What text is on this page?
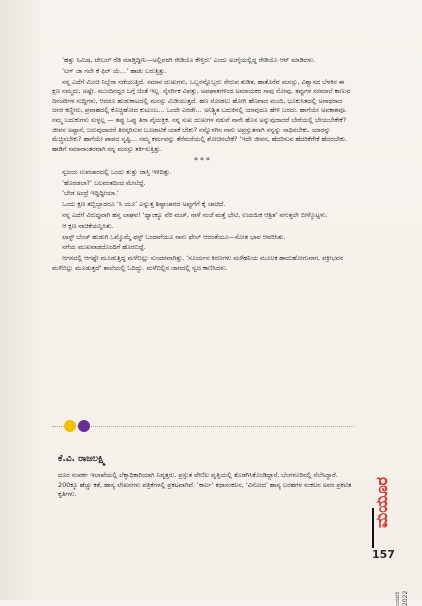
‘ಹತ್ತು ನಿಮಿಷ, ಟೇಬಲ್ ರೆಡಿ ಮಾಡ್ತಿದ್ದೀನಿ—ಅಲ್ಲಿವರಗಿ ರೇಡಿಯೊ ಕೇಳ್ತಿರು’ ಎಂದು ಅಂಗೈಯಲ್ಲಿದ್ದ ರೇಡಿಯೊ ಆನ್ ಮಾಡಿದಳು.

‘ಲಗ್ ಜಾ ಗಲೇ ಕೆ ಫಿರ್ ಯೆ…’ ಹಾಡು ಬರುತ್ತಿತ್ತು.

ನನ್ನ ಎದೆಗೆ ಮಿಂಚಿ ನಿಬ್ಬೆರಾ ನಡೆಯುತ್ತಿದೆ. ಸಮಾನ ದುಃಖಗಳು, ಒಬ್ಬರನ್ನೊಬ್ಬರು ಸೇರುವ ತುಡಿತ, ಹಾತೊರೆವ ಮನಸ್ಸು, ವಿಶ್ವಾಸದ ಬೆಳಕಿನ ಈ ಕ್ಷಣ ನಮ್ಮದು, ಅಷ್ಟೇ. ಮುಂದಿನದ್ದರ ಬಗ್ಗೆ ಚಿಂತೆ ಇಲ್ಲ. ನೈಸರ್ಗಿಕ ವಿಪತ್ತು, ಅಪಘಾತಗಳಿಂದ ಅಮಾಯಕರ ಸಾವು ನೋವು, ತಪ್ಪುಗಳ ಸರಮಾಲೆ ಕಾಣುವ ದಿನಚರಿಗಳ ಸುದ್ದಿಗಳು, ಆದರೂ ಹುಡುಕಾಟದಲ್ಲಿ ಮನಸ್ಸು ಮಿಡಿಯುತ್ತದೆ. ಹಣ ನೋಡಲು ಹೋಗಿ ಹೆಣವಾದ ಮಂದಿ, ಭೂಕುಸಿತದಲ್ಲಿ ಅನಾಥರಾದ ಜನರ ಕಣ್ಣೀರು, ಪ್ರವಾಹದಲ್ಲಿ ಕೊಚ್ಚಿಹೋದ ಕುಟುಂಬ… ಒಂದೇ ಎರಡೇ… ಅನಿಶ್ಚಿತ ಬದುಕಿನಲ್ಲಿ ಯಾವುದೂ ಹೇಳಿ ಬರದು. ಹಾಗೆಯೇ ಅವಕಾಶವೂ. ನಮ್ಮ ಬದುಕುಗಳು ಸುಳ್ಳಲ್ಲ — ತಪ್ಪು ಒಪ್ಪು ತಿರಾ ವೈಯಕ್ತಿಕ. ನನ್ನ ಸುಖ ದುಃಖಗಳ ನಡುವೆ ನಾನೇ ಹೊಸ ಅನ್ನುವುದಾದರೆ ಬೇರೆಯಲ್ಲಿ ಬೇಯಬೇಕೇಕೆ? ಜೀವನ ಅಷ್ಟಾನೆ, ಬರುವುದಾದರೆ ತಿರಸ್ಕರಿಸುವ ಬೂಟಾಟಿಕೆ ಯಾಕೆ ಬೇಕು? ನನ್ನೊಳಗಿನ ನಾನು ಅಪ್ರಸ್ತುತನಾಗಿ ನನ್ನನ್ನು ಸಾಧಿಸಬೇಕು. ಯಾರನ್ನು ಮೆಚ್ಚಿಸಬೇಕು? ಹಾಗೆಯೇ ಪಾಪದ ಸೃಷ್ಟಿ… ನಮ್ಮ ಕರ್ಮವನ್ನು ತೆರೆಮರೆಯಲ್ಲಿ ಶೋಚಿಸಬೇಕೆ? ‘ಇದೇ ಜೀವನ, ಹೆದರಿಸುವ ಹೆದರಿಕೆಗೇಕೆ ಹೆದರಬೇಕು. ಹಾಡಿಗೆ ಸಮಾನಾಂತರವಾಗಿ ನನ್ನ ಮನಸ್ಸು ತರ್ಕಿಸುತ್ತಿತ್ತು.

***

ಸ್ವಜಯ ಉಪಚಾರದಲ್ಲಿ ಒಂದು ತುತ್ತು ಜಾಸ್ತಿ ಇಳಿದಿತ್ತು.

‘ಹೊರಡಲಾ?’ ಬಲವಂತದಿಂದ ಮೇಲೆದ್ದೆ.

‘ಬೇಡ ಅಂದ್ರೆ ಇದ್ದಿದ್ದೀಯಾ.’

ಒಂದು ಕ್ಷಣ ತಬ್ಬಿಬ್ಬಾದರೂ ‘ಸಿ ಯೂ’ ಎನ್ನುತ್ತ ಶಿಷ್ಟಾಚಾರದ ಅಪ್ಪುಗೆಗೆ ಕೈ ಚಾಚಿದೆ.

ನನ್ನ ಎದೆಗೆ ವಿರುದ್ಧವಾಗಿ ಹಸ್ತ ಲಾಘವ! ‘ಥ್ಯಾಂಕ್ಯೂ ವೆರಿ ಮಚ್, ನಾಳೆ ಸಂಜೆ ಮತ್ತೆ ಭೇಟಿ, ಉದಯಿಕ ಆಶ್ರಿತ’ ನಗುತ್ತಲೇ ಬೀಳ್ಕೊಟ್ಟಳು.

ಆ ಕ್ಷಣ ನಾಚಿಕೆಯನ್ನಿಸಿತು.

ಲಾಸ್ಟ್ ಬೆಂಚ್ ಹುಡುಗಿ ಒಮ್ಮೊಮ್ಮೆ ಫಸ್ಟ್ ಬಂದಾಗೆಯೂ ನಾನು ಫೇಲ್ ಆದಂತೆಯೂ—ಸೋತ ಭಾವ ಆವರಿಸಿತು.

ನಗೆಯ ಮುಖವಾಡದೊಂದಿಗೆ ಹೊರಬಿದ್ದೆ.

ಆಗಸದಲ್ಲಿ ಆಗಷ್ಟೇ ಮೂಡುತ್ತಿದ್ದ ಮಳೆಬಿಲ್ಲು ಸುಂದರವಾಗಿತ್ತು. ‘ಸೂರ್ಯನ ಕಿರಣಗಳು ಮಳೆಹನಿಯ ಮೂಲಕ ಹಾದುಹೋಗುವಾಗ, ವಕ್ರೀಭವನ ಮಳೆಬಿಲ್ಲು ಮೂಡುತ್ತದೆ’ ಶಾಲೆಯಲ್ಲಿ ಓದಿದ್ದು. ಮಳೆಬಿಲ್ಲಿನ ಜಾಗದಲ್ಲಿ ಸ್ವಜ ಕಾಣಿಸಿದಳು.

ಕೆ.ವಿ. ರಾಜಲಕ್ಷ್ಮಿ
ದೂರ ಸಂಪರ್ಕ ಇಲಾಖೆಯಲ್ಲಿ ಲೆಕ್ಕಾಧಿಕಾರಿಯಾಗಿ ನಿವೃತ್ತರು. ಪ್ರಸ್ತುತ ವೇಣಿಲ ವೃತ್ತಿಯಲ್ಲಿ ತೊಡಗಿಸಿಕೊಂಡಿದ್ದಾರೆ, ಬೆಂಗಳೂರಿನಲ್ಲಿ ನೆಲೆಸಿದ್ದಾರೆ. 200ಕ್ಕೂ ಹೆಚ್ಚು ಕತೆ, ಹಾಸ್ಯ ಲೇಖನಗಳು ಪತ್ರಿಕೆಗಳಲ್ಲಿ ಪ್ರಕಟವಾಗಿವೆ. ‘ಕಾರ್ಲ’ ಕಥಾಸಂಕಲನ, ‘ವಿನೋದ’ ಹಾಸ್ಯ ಬರಹಗಳ ಸಂಕಲನ ಅವರ ಪ್ರಕಟಿತ ಕೃತಿಗಳು.	ಮಯೂರ
ಜನವರಿ 2022
157
